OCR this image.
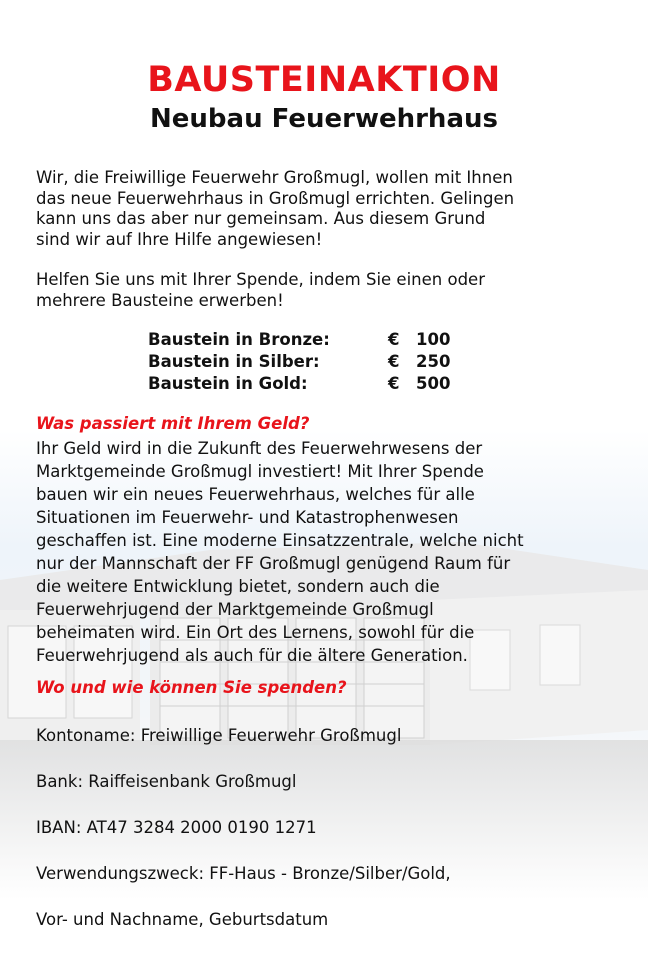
BAUSTEINAKTION
Neubau Feuerwehrhaus

Wir, die Freiwillige Feuerwehr Großmugl, wollen mit Ihnen
das neue Feuerwehrhaus in Großmugl errichten. Gelingen
kann uns das aber nur gemeinsam. Aus diesem Grund
sind wir auf Ihre Hilfe angewiesen!

Helfen Sie uns mit Ihrer Spende, indem Sie einen oder
mehrere Bausteine erwerben!

Baustein in Bronze:	€ 100
Baustein in Silber:	€ 250
Baustein in Gold:	€ 500
Was passiert mit Ihrem Geld?

Ihr Geld wird in die Zukunft des Feuerwehrwesens der
Marktgemeinde Großmugl investiert! Mit Ihrer Spende
bauen wir ein neues Feuerwehrhaus, welches für alle
Situationen im Feuerwehr- und Katastrophenwesen
geschaffen ist. Eine moderne Einsatzzentrale, welche nicht
nur der Mannschaft der FF Großmugl genügend Raum für
die weitere Entwicklung bietet, sondern auch die
Feuerwehrjugend der Marktgemeinde Großmugl
beheimaten wird. Ein Ort des Lernens, sowohl für die
Feuerwehrjugend als auch für die ältere Generation.

Wo und wie können Sie spenden?

Kontoname: Freiwillige Feuerwehr Großmugl

Bank: Raiffeisenbank Großmugl

IBAN: AT47 3284 2000 0190 1271

Verwendungszweck: FF-Haus - Bronze/Silber/Gold,

Vor- und Nachname, Geburtsdatum
